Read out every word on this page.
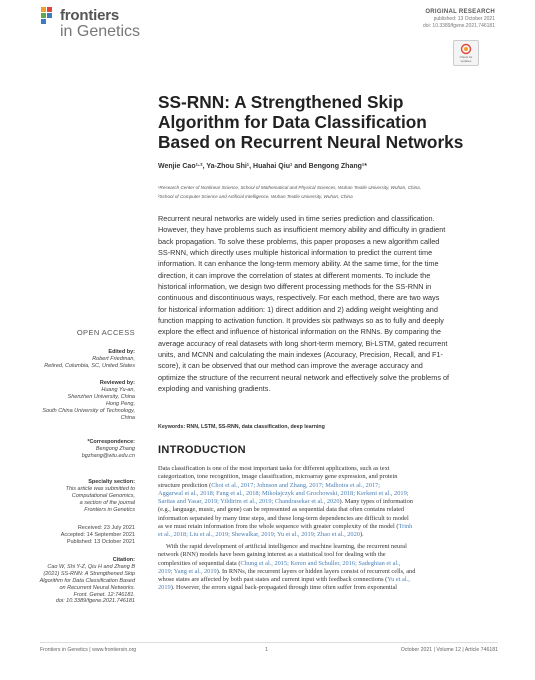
frontiers
in Genetics
ORIGINAL RESEARCH
published: 13 October 2021
doi: 10.3389/fgene.2021.746181
Check for
updates
SS-RNN: A Strengthened Skip
Algorithm for Data Classification
Based on Recurrent Neural Networks
Wenjie Cao¹·², Ya-Zhou Shi¹, Huahai Qiu¹ and Bengong Zhang¹*
¹Research Center of Nonlinear Science, School of Mathematical and Physical Sciences, Wuhan Textile University, Wuhan, China,
²School of Computer Science and Artificial Intelligence, Wuhan Textile University, Wuhan, China
Recurrent neural networks are widely used in time series prediction and classification.
However, they have problems such as insufficient memory ability and difficulty in gradient
back propagation. To solve these problems, this paper proposes a new algorithm called
SS-RNN, which directly uses multiple historical information to predict the current time
information. It can enhance the long-term memory ability. At the same time, for the time
direction, it can improve the correlation of states at different moments. To include the
historical information, we design two different processing methods for the SS-RNN in
continuous and discontinuous ways, respectively. For each method, there are two ways
for historical information addition: 1) direct addition and 2) adding weight weighting and
function mapping to activation function. It provides six pathways so as to fully and deeply
explore the effect and influence of historical information on the RNNs. By comparing the
average accuracy of real datasets with long short-term memory, Bi-LSTM, gated recurrent
units, and MCNN and calculating the main indexes (Accuracy, Precision, Recall, and F1-
score), it can be observed that our method can improve the average accuracy and
optimize the structure of the recurrent neural network and effectively solve the problems of
exploding and vanishing gradients.
Keywords: RNN, LSTM, SS-RNN, data classification, deep learning
INTRODUCTION
Data classification is one of the most important tasks for different applications, such as text
categorization, tone recognition, image classification, microarray gene expression, and protein
structure prediction (Choi et al., 2017; Johnson and Zhang, 2017; Malhotra et al., 2017;
Aggarwal et al., 2018; Fang et al., 2018; Mikołajczyk and Grochowski, 2018; Kerkeni et al., 2019;
Saritas and Yasar, 2019; Yildirim et al., 2019; Chandrasekar et al., 2020). Many types of information
(e.g., language, music, and gene) can be represented as sequential data that often contains related
information separated by many time steps, and these long-term dependencies are difficult to model
as we must retain information from the whole sequence with greater complexity of the model (Trinh
et al., 2018; Liu et al., 2019; Shewalkar, 2019; Yu et al., 2019; Zhao et al., 2020).
With the rapid development of artificial intelligence and machine learning, the recurrent neural
network (RNN) models have been gaining interest as a statistical tool for dealing with the
complexities of sequential data (Chung et al., 2015; Keren and Schuller, 2016; Sadeghian et al.,
2019; Yang et al., 2019). In RNNs, the recurrent layers or hidden layers consist of recurrent cells, and
whose states are affected by both past states and current input with feedback connections (Yu et al.,
2019). However, the errors signal back-propagated through time often suffer from exponential
OPEN ACCESS
Edited by:
Robert Friedman,
Retired, Columbia, SC, United States
Reviewed by:
Huang Yu-an,
Shenzhen University, China
Hong Peng,
South China University of Technology,
China
*Correspondence:
Bengong Zhang
bgzhang@wtu.edu.cn
Specialty section:
This article was submitted to
Computational Genomics,
a section of the journal
Frontiers in Genetics
Received: 23 July 2021
Accepted: 14 September 2021
Published: 13 October 2021
Citation:
Cao W, Shi Y-Z, Qiu H and Zhang B
(2021) SS-RNN: A Strengthened Skip
Algorithm for Data Classification Based
on Recurrent Neural Networks.
Front. Genet. 12:746181.
doi: 10.3389/fgene.2021.746181
Frontiers in Genetics | www.frontiersin.org	1	October 2021 | Volume 12 | Article 746181
